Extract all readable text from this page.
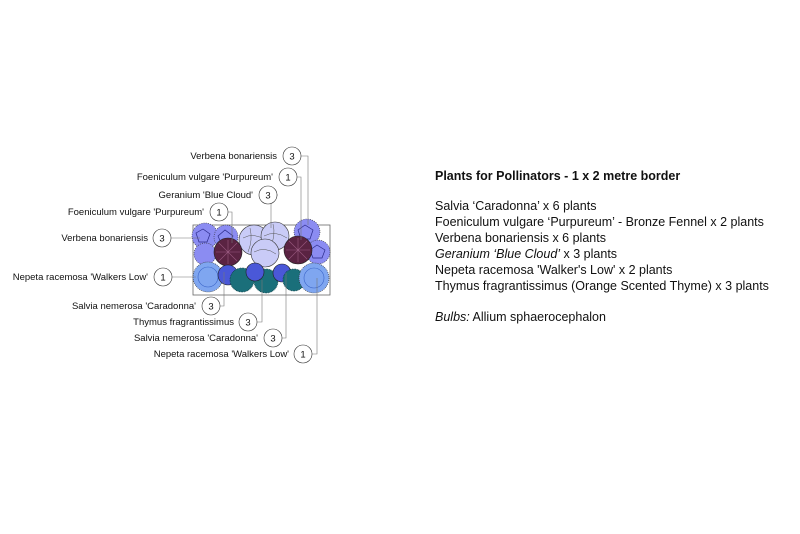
Verbena bonariensis 3
Foeniculum vulgare 'Purpureum' 1
Geranium 'Blue Cloud' 3
Foeniculum vulgare 'Purpureum' 1
Verbena bonariensis 3
Nepeta racemosa 'Walkers Low' 1
Salvia nemerosa 'Caradonna' 3
Thymus fragrantissimus 3
Salvia nemerosa 'Caradonna' 3
Nepeta racemosa 'Walkers Low' 1
Plants for Pollinators - 1 x 2 metre border
Salvia ‘Caradonna’ x 6 plants
Foeniculum vulgare ‘Purpureum’ - Bronze Fennel x 2 plants
Verbena bonariensis x 6 plants
Geranium ‘Blue Cloud’ x 3 plants
Nepeta racemosa 'Walker's Low' x 2 plants
Thymus fragrantissimus (Orange Scented Thyme) x 3 plants
Bulbs: Allium sphaerocephalon
